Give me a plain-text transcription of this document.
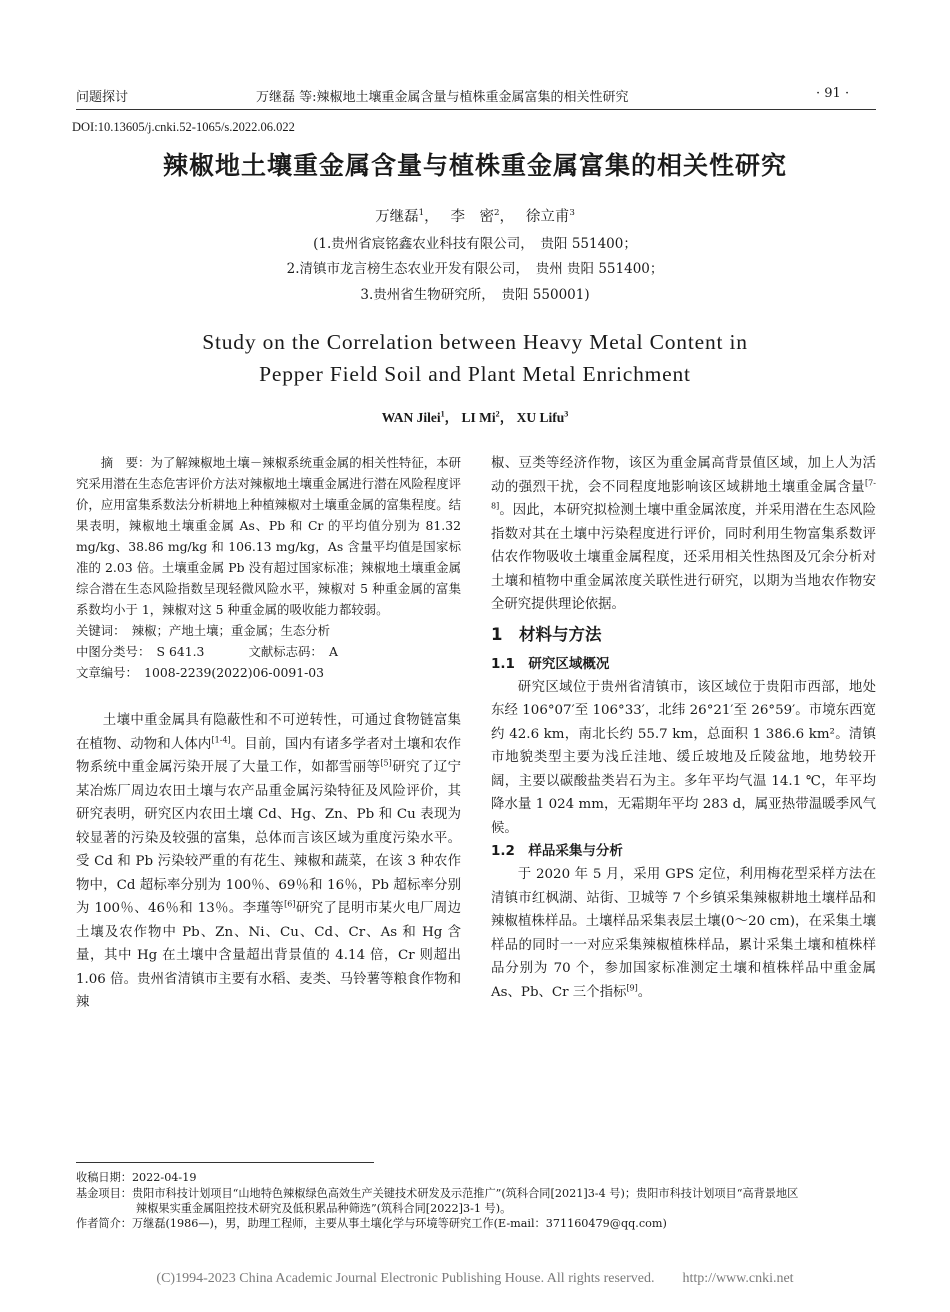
问题探讨	万继磊 等:辣椒地土壤重金属含量与植株重金属富集的相关性研究	· 91 ·
DOI:10.13605/j.cnki.52-1065/s.2022.06.022
辣椒地土壤重金属含量与植株重金属富集的相关性研究
万继磊$^1$，　 李　密$^2$，　 徐立甫$^3$
(1.贵州省宸铭鑫农业科技有限公司，　贵阳 551400；
2.清镇市龙言榜生态农业开发有限公司，　贵州 贵阳 551400；
3.贵州省生物研究所，　贵阳 550001)
Study on the Correlation between Heavy Metal Content in
Pepper Field Soil and Plant Metal Enrichment
WAN Jilei$^1$， LI Mi$^2$， XU Lifu$^3$

摘　要：为了解辣椒地土壤－辣椒系统重金属的相关性特征，本研究采用潜在生态危害评价方法对辣椒地土壤重金属进行潜在风险程度评价，应用富集系数法分析耕地上种植辣椒对土壤重金属的富集程度。结果表明，辣椒地土壤重金属 As、Pb 和 Cr 的平均值分别为 81.32 mg/kg、38.86 mg/kg 和 106.13 mg/kg，As 含量平均值是国家标准的 2.03 倍。土壤重金属 Pb 没有超过国家标准；辣椒地土壤重金属综合潜在生态风险指数呈现轻微风险水平，辣椒对 5 种重金属的富集系数均小于 1，辣椒对这 5 种重金属的吸收能力都较弱。

关键词：　 辣椒；产地土壤；重金属；生态分析

中图分类号：　 S 641.3	文献标志码：　 A

文章编号：　 1008-2239(2022)06-0091-03

土壤中重金属具有隐蔽性和不可逆转性，可通过食物链富集在植物、动物和人体内[1-4]。目前，国内有诸多学者对土壤和农作物系统中重金属污染开展了大量工作，如都雪丽等[5]研究了辽宁某冶炼厂周边农田土壤与农产品重金属污染特征及风险评价，其研究表明，研究区内农田土壤 Cd、Hg、Zn、Pb 和 Cu 表现为较显著的污染及较强的富集，总体而言该区域为重度污染水平。受 Cd 和 Pb 污染较严重的有花生、辣椒和蔬菜，在该 3 种农作物中，Cd 超标率分别为 100％、69％和 16％，Pb 超标率分别为 100％、46％和 13％。李瑾等[6]研究了昆明市某火电厂周边土壤及农作物中 Pb、Zn、Ni、Cu、Cd、Cr、As 和 Hg 含量，其中 Hg 在土壤中含量超出背景值的 4.14 倍，Cr 则超出 1.06 倍。贵州省清镇市主要有水稻、麦类、马铃薯等粮食作物和辣

椒、豆类等经济作物，该区为重金属高背景值区域，加上人为活动的强烈干扰，会不同程度地影响该区域耕地土壤重金属含量[7-8]。因此，本研究拟检测土壤中重金属浓度，并采用潜在生态风险指数对其在土壤中污染程度进行评价，同时利用生物富集系数评估农作物吸收土壤重金属程度，还采用相关性热图及冗余分析对土壤和植物中重金属浓度关联性进行研究，以期为当地农作物安全研究提供理论依据。

1　材料与方法
1.1　研究区域概况

研究区域位于贵州省清镇市，该区域位于贵阳市西部，地处东经 106°07′至 106°33′，北纬 26°21′至 26°59′。市境东西宽约 42.6 km，南北长约 55.7 km，总面积 1 386.6 km²。清镇市地貌类型主要为浅丘洼地、缓丘坡地及丘陵盆地，地势较开阔，主要以碳酸盐类岩石为主。多年平均气温 14.1 ℃，年平均降水量 1 024 mm，无霜期年平均 283 d，属亚热带温暖季风气候。

1.2　样品采集与分析

于 2020 年 5 月，采用 GPS 定位，利用梅花型采样方法在清镇市红枫湖、站街、卫城等 7 个乡镇采集辣椒耕地土壤样品和辣椒植株样品。土壤样品采集表层土壤(0～20 cm)，在采集土壤样品的同时一一对应采集辣椒植株样品，累计采集土壤和植株样品分别为 70 个，参加国家标准测定土壤和植株样品中重金属 As、Pb、Cr 三个指标[9]。

收稿日期：2022-04-19
基金项目：贵阳市科技计划项目“山地特色辣椒绿色高效生产关键技术研发及示范推广”(筑科合同[2021]3-4 号)；贵阳市科技计划项目“高背景地区
辣椒果实重金属阻控技术研究及低积累品种筛选”(筑科合同[2022]3-1 号)。
作者简介：万继磊(1986—)，男，助理工程师，主要从事土壤化学与环境等研究工作(E-mail：371160479@qq.com)
(C)1994-2023 China Academic Journal Electronic Publishing House. All rights reserved.　　http://www.cnki.net
